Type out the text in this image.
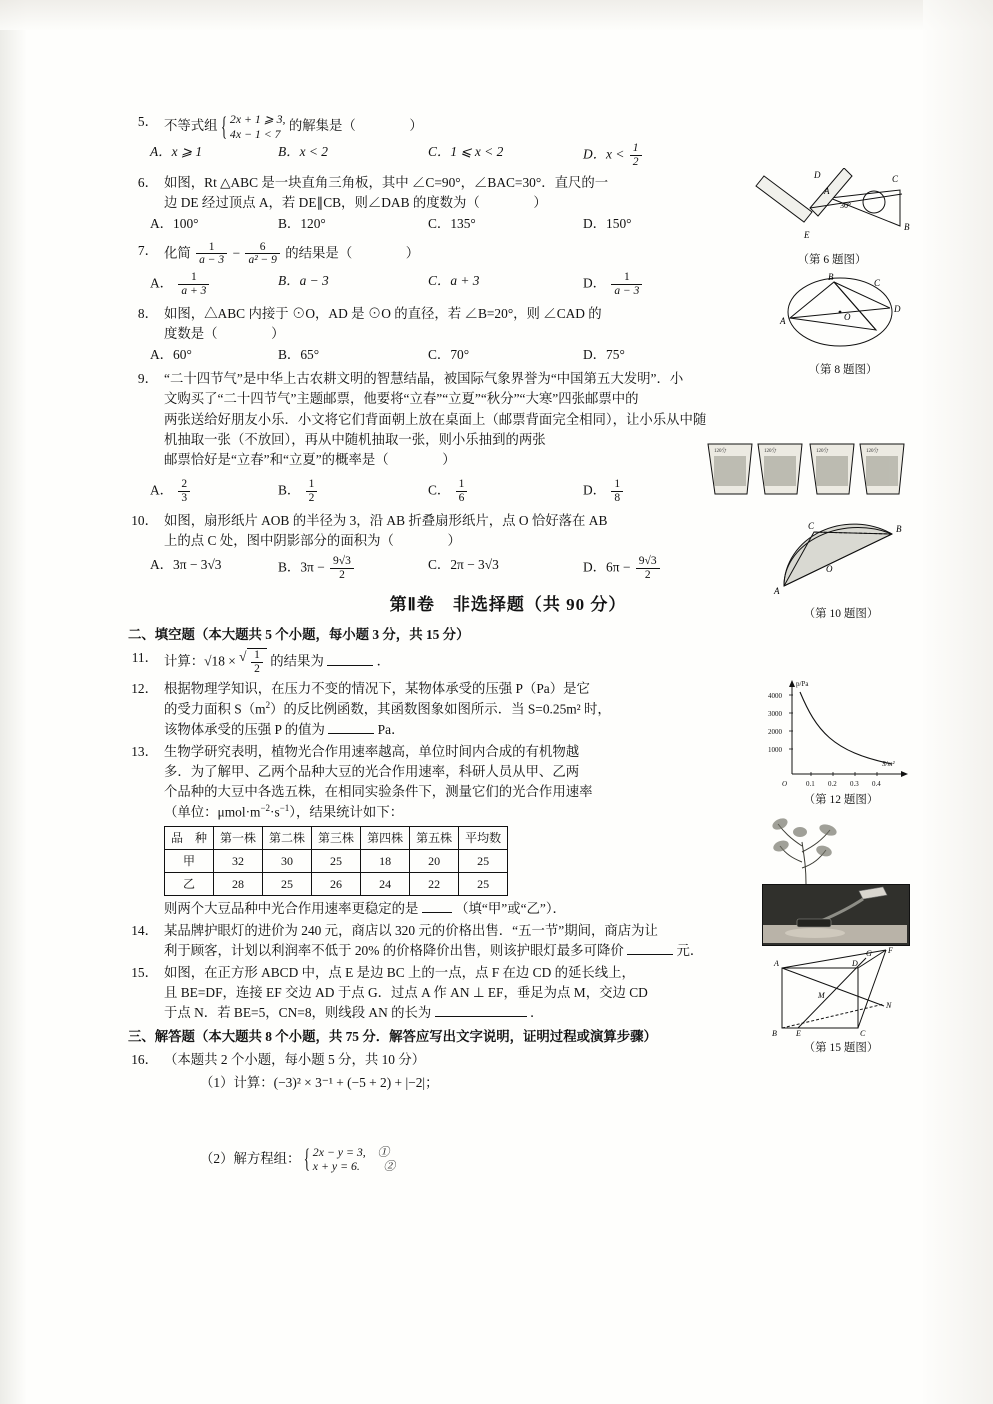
5． 不等式组 { 2x + 1 ⩾ 3,
4x − 1 < 7 的解集是（　　　　）
A．x ⩾ 1	B．x < 2	C．1 ⩽ x < 2	D．$x < \frac{1}{2}$
6． 如图，Rt △ABC 是一块直角三角板，其中 ∠C=90°，∠BAC=30°．直尺的一
边 DE 经过顶点 A，若 DE∥CB，则∠DAB 的度数为（　　　　）
A．100°	B．120°	C．135°	D．150°
7． 化简 $\frac{1}{a - 3} - \frac{6}{\text{a² − 9}}$ 的结果是（　　　　）
A． $\frac{1}{a + 3}$	B．a − 3	C．a + 3	D． $\frac{1}{a - 3}$
8． 如图，△ABC 内接于 ⊙O，AD 是 ⊙O 的直径，若 ∠B=20°，则 ∠CAD 的
度数是（　　　　）
A．60°	B．65°	C．70°	D．75°
9． “二十四节气”是中华上古农耕文明的智慧结晶，被国际气象界誉为“中国第五大发明”．小
文购买了“二十四节气”主题邮票，他要将“立春”“立夏”“秋分”“大寒”四张邮票中的
两张送给好朋友小乐．小文将它们背面朝上放在桌面上（邮票背面完全相同），让小乐从中随
机抽取一张（不放回），再从中随机抽取一张，则小乐抽到的两张
邮票恰好是“立春”和“立夏”的概率是（　　　　）
A． $\frac{2}{3}$	B． $\frac{1}{2}$	C． $\frac{1}{6}$	D． $\frac{1}{8}$
10． 如图，扇形纸片 AOB 的半径为 3，沿 AB 折叠扇形纸片，点 O 恰好落在 AB
上的点 C 处，图中阴影部分的面积为（　　　　）
A．3π − 3√3	B．$3\pi - \frac{9√3}{2}$	C．2π − 3√3	D．$6\pi - \frac{9√3}{2}$
第Ⅱ卷　非选择题（共 90 分）
二、填空题（本大题共 5 个小题，每小题 3 分，共 15 分）
11． 计算：√18 × √ $\frac{1}{2}$ 的结果为	．
12． 根据物理学知识，在压力不变的情况下，某物体承受的压强 P（Pa）是它
的受力面积 $S(m^2)$的反比例函数，其函数图象如图所示．当 S=0.25m² 时，
该物体承受的压强 P 的值为	Pa．
13． 生物学研究表明，植物光合作用速率越高，单位时间内合成的有机物越
多．为了解甲、乙两个品种大豆的光合作用速率，科研人员从甲、乙两
个品种的大豆中各选五株，在相同实验条件下，测量它们的光合作用速率
（单位：$\mu mol\cdot m^{-2}\cdot s^{-1}$），结果统计如下：
品　种	第一株	第二株	第三株	第四株	第五株	平均数
甲	32	30	25	18	20	25
乙	28	25	26	24	22	25
则两个大豆品种中光合作用速率更稳定的是	（填“甲”或“乙”）．
14． 某品牌护眼灯的进价为 240 元，商店以 320 元的价格出售．“五一节”期间，商店为让
利于顾客，计划以利润率不低于 20% 的价格降价出售，则该护眼灯最多可降价	元．
15． 如图，在正方形 ABCD 中，点 E 是边 BC 上的一点，点 F 在边 CD 的延长线上，
且 BE=DF，连接 EF 交边 AD 于点 G．过点 A 作 AN ⊥ EF，垂足为点 M，交边 CD
于点 N．若 BE=5，CN=8，则线段 AN 的长为	．
三、解答题（本大题共 8 个小题，共 75 分．解答应写出文字说明，证明过程或演算步骤）
16． （本题共 2 个小题，每小题 5 分，共 10 分）
（1）计算：(−3)² × 3⁻¹ + (−5 + 2) + |−2|；
（2）解方程组： { 2x − y = 3,　①
x + y = 6.　　②
D	C
B
A
E
30°
（第 6 题图）
B
C
O
A
D
（第 8 题图）
120分	120分	120分	120分
C	B
A
O
（第 10 题图）
4000
3000
2000
1000
0.1 0.2 0.3 0.4
O
p/Pa
S/m²
（第 12 题图）
A
F
G
D
M
N
B E	C
（第 15 题图）
